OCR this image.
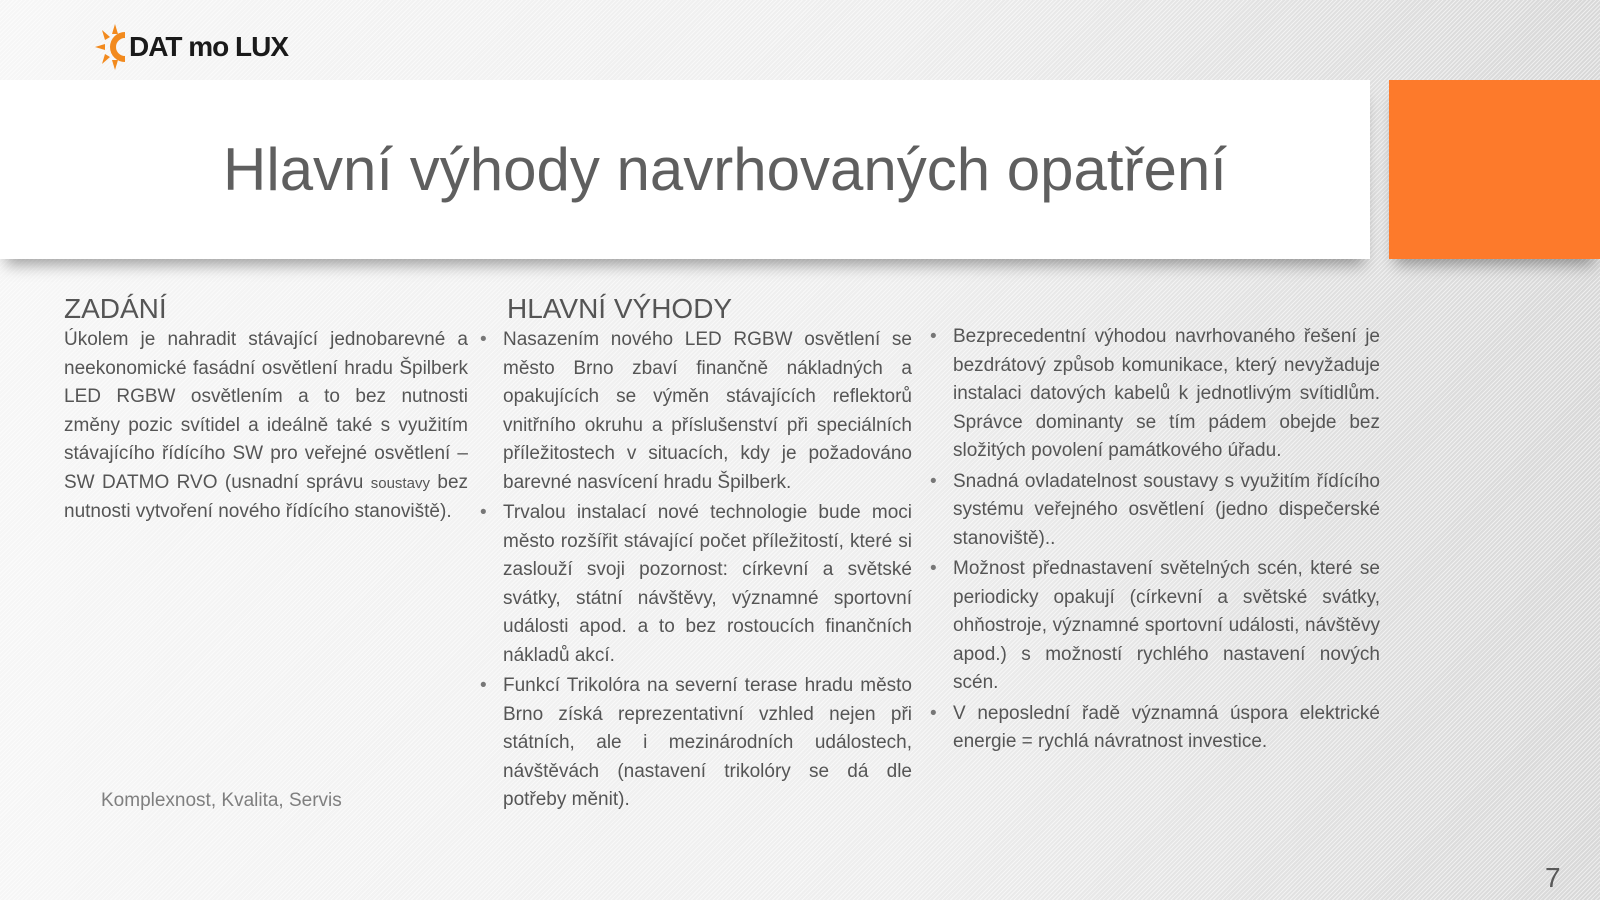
DAT mo LUX
Hlavní výhody navrhovaných opatření
ZADÁNÍ

Úkolem je nahradit stávající jednobarevné a neekonomické fasádní osvětlení hradu Špilberk LED RGBW osvětlením a to bez nutnosti změny pozic svítidel a ideálně také s využitím stávajícího řídícího SW pro veřejné osvětlení – SW DATMO RVO (usnadní správu soustavy bez nutnosti vytvoření nového řídícího stanoviště).

HLAVNÍ VÝHODY
• Nasazením nového LED RGBW osvětlení se město Brno zbaví finančně nákladných a opakujících se výměn stávajících reflektorů vnitřního okruhu a příslušenství při speciálních příležitostech v situacích, kdy je požadováno barevné nasvícení hradu Špilberk.
• Trvalou instalací nové technologie bude moci město rozšířit stávající počet příležitostí, které si zaslouží svoji pozornost: církevní a světské svátky, státní návštěvy, významné sportovní události apod. a to bez rostoucích finančních nákladů akcí.
• Funkcí Trikolóra na severní terase hradu město Brno získá reprezentativní vzhled nejen při státních, ale i mezinárodních událostech, návštěvách (nastavení trikolóry se dá dle potřeby měnit).
• Bezprecedentní výhodou navrhovaného řešení je bezdrátový způsob komunikace, který nevyžaduje instalaci datových kabelů k jednotlivým svítidlům. Správce dominanty se tím pádem obejde bez složitých povolení památkového úřadu.
• Snadná ovladatelnost soustavy s využitím řídícího systému veřejného osvětlení (jedno dispečerské stanoviště)..
• Možnost přednastavení světelných scén, které se periodicky opakují (církevní a světské svátky, ohňostroje, významné sportovní události, návštěvy apod.) s možností rychlého nastavení nových scén.
• V neposlední řadě významná úspora elektrické energie = rychlá návratnost investice.
Komplexnost, Kvalita, Servis
7
